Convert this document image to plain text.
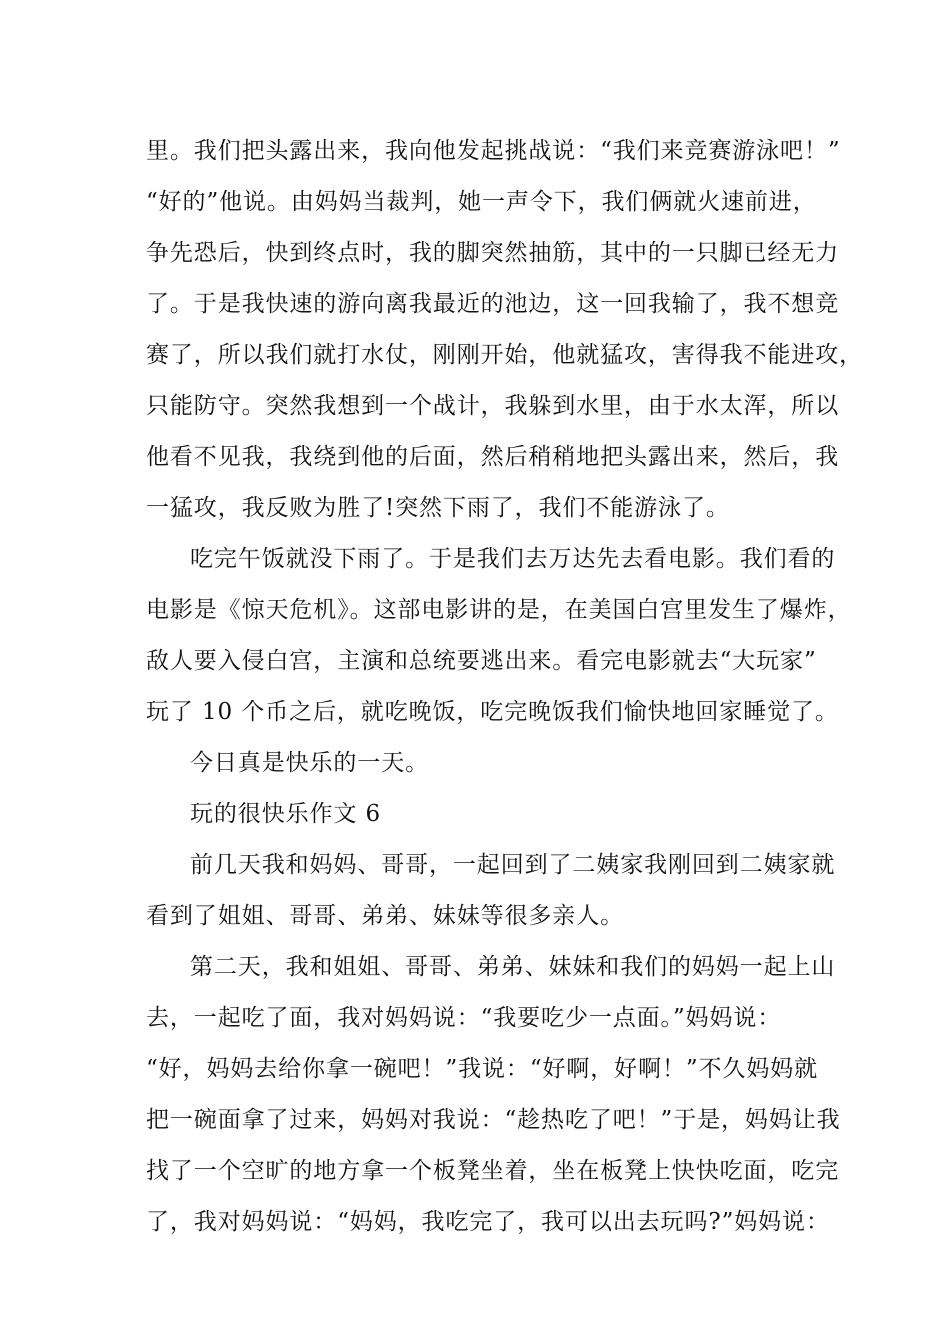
里。我们把头露出来，我向他发起挑战说：“我们来竞赛游泳吧！”
“好的”他说。由妈妈当裁判，她一声令下，我们俩就火速前进，
争先恐后，快到终点时，我的脚突然抽筋，其中的一只脚已经无力
了。于是我快速的游向离我最近的池边，这一回我输了，我不想竞
赛了，所以我们就打水仗，刚刚开始，他就猛攻，害得我不能进攻，
只能防守。突然我想到一个战计，我躲到水里，由于水太浑，所以
他看不见我，我绕到他的后面，然后稍稍地把头露出来，然后，我
一猛攻，我反败为胜了!突然下雨了，我们不能游泳了。
吃完午饭就没下雨了。于是我们去万达先去看电影。我们看的
电影是《惊天危机》。这部电影讲的是，在美国白宫里发生了爆炸，
敌人要入侵白宫，主演和总统要逃出来。看完电影就去“大玩家”
玩了 10 个币之后，就吃晚饭，吃完晚饭我们愉快地回家睡觉了。
今日真是快乐的一天。
玩的很快乐作文 6
前几天我和妈妈、哥哥，一起回到了二姨家我刚回到二姨家就
看到了姐姐、哥哥、弟弟、妹妹等很多亲人。
第二天，我和姐姐、哥哥、弟弟、妹妹和我们的妈妈一起上山
去，一起吃了面，我对妈妈说：“我要吃少一点面。”妈妈说：
“好，妈妈去给你拿一碗吧！”我说：“好啊，好啊！”不久妈妈就
把一碗面拿了过来，妈妈对我说：“趁热吃了吧！”于是，妈妈让我
找了一个空旷的地方拿一个板凳坐着，坐在板凳上快快吃面，吃完
了，我对妈妈说：“妈妈，我吃完了，我可以出去玩吗?”妈妈说：
